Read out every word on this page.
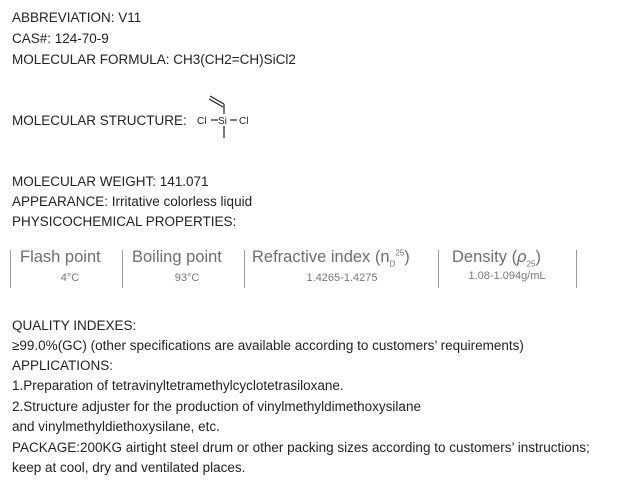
ABBREVIATION: V11
CAS#: 124-70-9
MOLECULAR FORMULA: CH3(CH2=CH)SiCl2
MOLECULAR STRUCTURE: Cl Si Cl
MOLECULAR WEIGHT: 141.071
APPEARANCE: Irritative colorless liquid
PHYSICOCHEMICAL PROPERTIES:
Flash point
4°C
Boiling point
93°C
Refractive index $(n_D^{25})$
1.4265-1.4275
Density $(\rho_{25})$
1.08-1.094g/mL
QUALITY INDEXES:
≥99.0%(GC) (other specifications are available according to customers’ requirements)
APPLICATIONS:
1.Preparation of tetravinyltetramethylcyclotetrasiloxane.
2.Structure adjuster for the production of vinylmethyldimethoxysilane
and vinylmethyldiethoxysilane, etc.
PACKAGE:200KG airtight steel drum or other packing sizes according to customers’ instructions;
keep at cool, dry and ventilated places.
